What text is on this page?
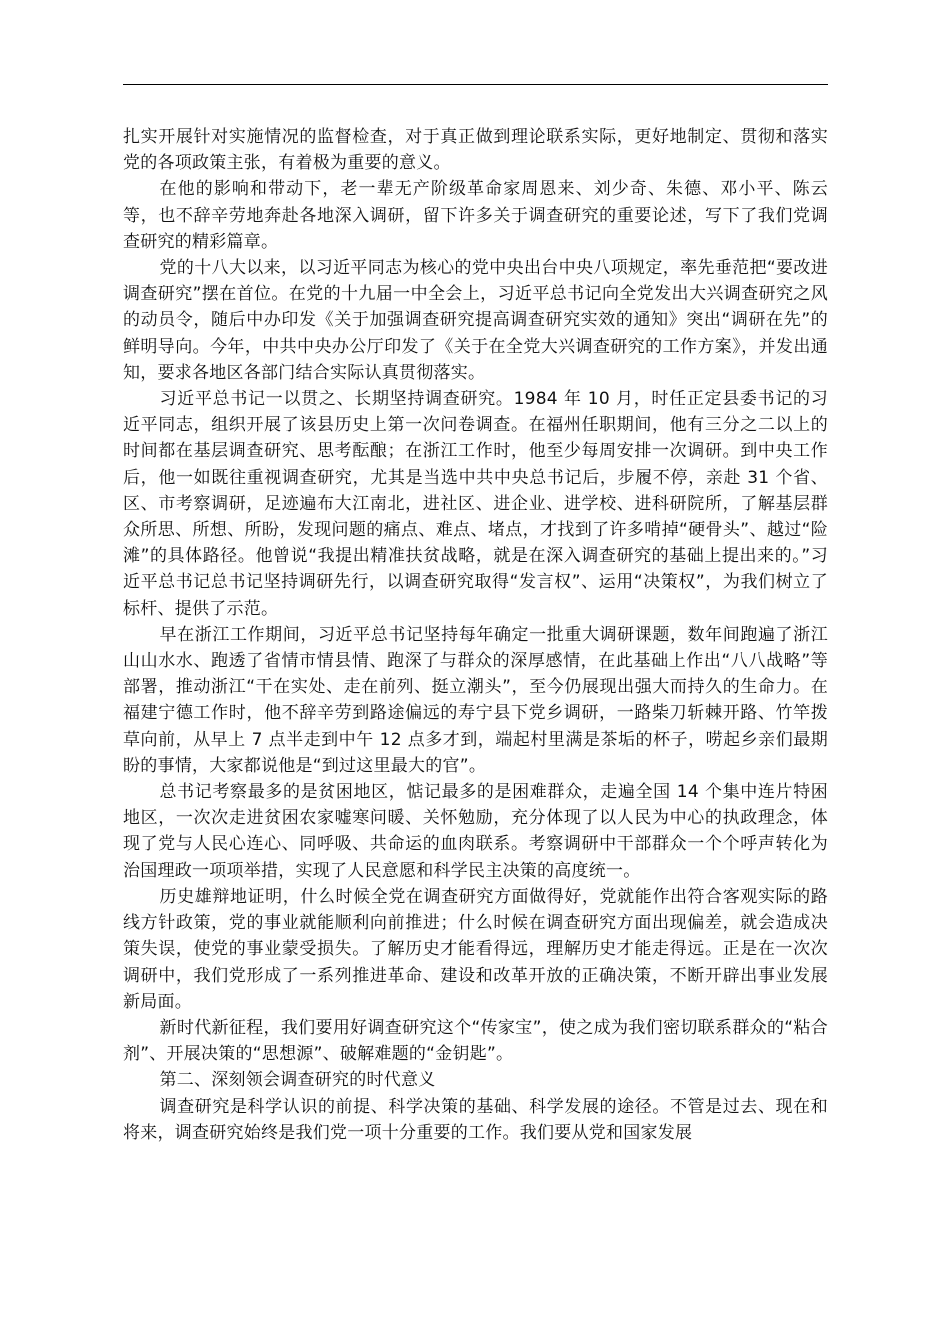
扎实开展针对实施情况的监督检查，对于真正做到理论联系实际，更好地制定、贯彻和落实党的各项政策主张，有着极为重要的意义。

在他的影响和带动下，老一辈无产阶级革命家周恩来、刘少奇、朱德、邓小平、陈云等，也不辞辛劳地奔赴各地深入调研，留下许多关于调查研究的重要论述，写下了我们党调查研究的精彩篇章。

党的十八大以来，以习近平同志为核心的党中央出台中央八项规定，率先垂范把“要改进调查研究”摆在首位。在党的十九届一中全会上，习近平总书记向全党发出大兴调查研究之风的动员令，随后中办印发《关于加强调查研究提高调查研究实效的通知》突出“调研在先”的鲜明导向。今年，中共中央办公厅印发了《关于在全党大兴调查研究的工作方案》，并发出通知，要求各地区各部门结合实际认真贯彻落实。

习近平总书记一以贯之、长期坚持调查研究。1984 年 10 月，时任正定县委书记的习近平同志，组织开展了该县历史上第一次问卷调查。在福州任职期间，他有三分之二以上的时间都在基层调查研究、思考酝酿；在浙江工作时，他至少每周安排一次调研。到中央工作后，他一如既往重视调查研究，尤其是当选中共中央总书记后，步履不停，亲赴 31 个省、区、市考察调研，足迹遍布大江南北，进社区、进企业、进学校、进科研院所，了解基层群众所思、所想、所盼，发现问题的痛点、难点、堵点，才找到了许多啃掉“硬骨头”、越过“险滩”的具体路径。他曾说“我提出精准扶贫战略，就是在深入调查研究的基础上提出来的。”习近平总书记总书记坚持调研先行，以调查研究取得“发言权”、运用“决策权”，为我们树立了标杆、提供了示范。

早在浙江工作期间，习近平总书记坚持每年确定一批重大调研课题，数年间跑遍了浙江山山水水、跑透了省情市情县情、跑深了与群众的深厚感情，在此基础上作出“八八战略”等部署，推动浙江“干在实处、走在前列、挺立潮头”，至今仍展现出强大而持久的生命力。在福建宁德工作时，他不辞辛劳到路途偏远的寿宁县下党乡调研，一路柴刀斩棘开路、竹竿拨草向前，从早上 7 点半走到中午 12 点多才到，端起村里满是茶垢的杯子，唠起乡亲们最期盼的事情，大家都说他是“到过这里最大的官”。

总书记考察最多的是贫困地区，惦记最多的是困难群众，走遍全国 14 个集中连片特困地区，一次次走进贫困农家嘘寒问暖、关怀勉励，充分体现了以人民为中心的执政理念，体现了党与人民心连心、同呼吸、共命运的血肉联系。考察调研中干部群众一个个呼声转化为治国理政一项项举措，实现了人民意愿和科学民主决策的高度统一。

历史雄辩地证明，什么时候全党在调查研究方面做得好，党就能作出符合客观实际的路线方针政策，党的事业就能顺利向前推进；什么时候在调查研究方面出现偏差，就会造成决策失误，使党的事业蒙受损失。了解历史才能看得远，理解历史才能走得远。正是在一次次调研中，我们党形成了一系列推进革命、建设和改革开放的正确决策，不断开辟出事业发展新局面。

新时代新征程，我们要用好调查研究这个“传家宝”，使之成为我们密切联系群众的“粘合剂”、开展决策的“思想源”、破解难题的“金钥匙”。

第二、深刻领会调查研究的时代意义

调查研究是科学认识的前提、科学决策的基础、科学发展的途径。不管是过去、现在和将来，调查研究始终是我们党一项十分重要的工作。我们要从党和国家发展
